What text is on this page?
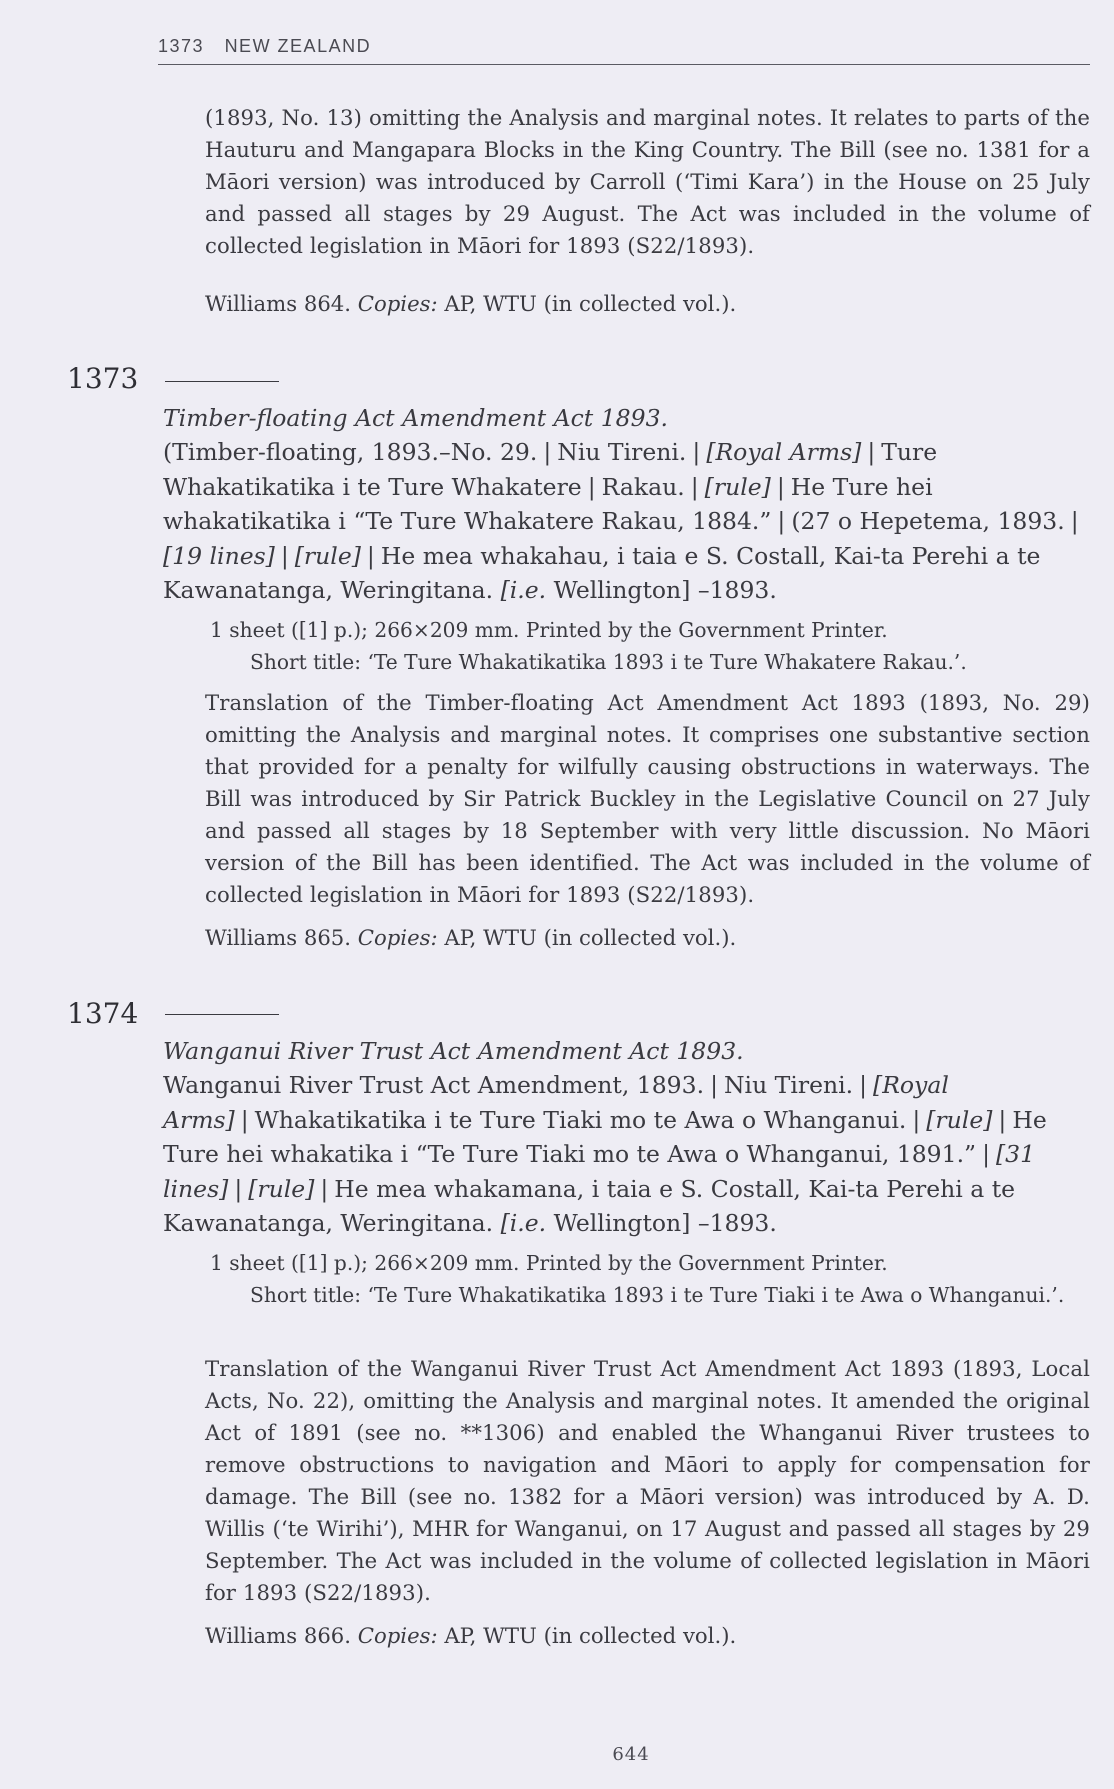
1373 NEW ZEALAND
(1893, No. 13) omitting the Analysis and marginal notes. It relates to parts of the Hauturu and Mangapara Blocks in the King Country. The Bill (see no. 1381 for a Māori version) was introduced by Carroll (‘Timi Kara’) in the House on 25 July and passed all stages by 29 August. The Act was included in the volume of collected legislation in Māori for 1893 (S22/1893).
Williams 864. Copies: AP, WTU (in collected vol.).
1373
Timber-floating Act Amendment Act 1893.
(Timber-floating, 1893.–No. 29. | Niu Tireni. | [Royal Arms] | Ture Whakatikatika i te Ture Whakatere | Rakau. | [rule] | He Ture hei whakatikatika i “Te Ture Whakatere Rakau, 1884.” | (27 o Hepetema, 1893. |[19 lines] | [rule] | He mea whakahau, i taia e S. Costall, Kai-ta Perehi a te Kawanatanga, Weringitana. [i.e. Wellington] –1893.
1 sheet ([1] p.); 266×209 mm. Printed by the Government Printer.
Short title: ‘Te Ture Whakatikatika 1893 i te Ture Whakatere Rakau.’.
Translation of the Timber-floating Act Amendment Act 1893 (1893, No. 29) omitting the Analysis and marginal notes. It comprises one substantive section that provided for a penalty for wilfully causing obstructions in waterways. The Bill was introduced by Sir Patrick Buckley in the Legislative Council on 27 July and passed all stages by 18 September with very little discussion. No Māori version of the Bill has been identified. The Act was included in the volume of collected legislation in Māori for 1893 (S22/1893).
Williams 865. Copies: AP, WTU (in collected vol.).
1374
Wanganui River Trust Act Amendment Act 1893.
Wanganui River Trust Act Amendment, 1893. | Niu Tireni. | [Royal Arms] | Whakatikatika i te Ture Tiaki mo te Awa o Whanganui. | [rule] | He Ture hei whakatika i “Te Ture Tiaki mo te Awa o Whanganui, 1891.” | [31 lines] | [rule] | He mea whakamana, i taia e S. Costall, Kai-ta Perehi a te Kawanatanga, Weringitana. [i.e. Wellington] –1893.
1 sheet ([1] p.); 266×209 mm. Printed by the Government Printer.
Short title: ‘Te Ture Whakatikatika 1893 i te Ture Tiaki i te Awa o Whanganui.’.
Translation of the Wanganui River Trust Act Amendment Act 1893 (1893, Local Acts, No. 22), omitting the Analysis and marginal notes. It amended the original Act of 1891 (see no. **1306) and enabled the Whanganui River trustees to remove obstructions to navigation and Māori to apply for compensation for damage. The Bill (see no. 1382 for a Māori version) was introduced by A. D. Willis (‘te Wirihi’), MHR for Wanganui, on 17 August and passed all stages by 29 September. The Act was included in the volume of collected legislation in Māori for 1893 (S22/1893).
Williams 866. Copies: AP, WTU (in collected vol.).
644
